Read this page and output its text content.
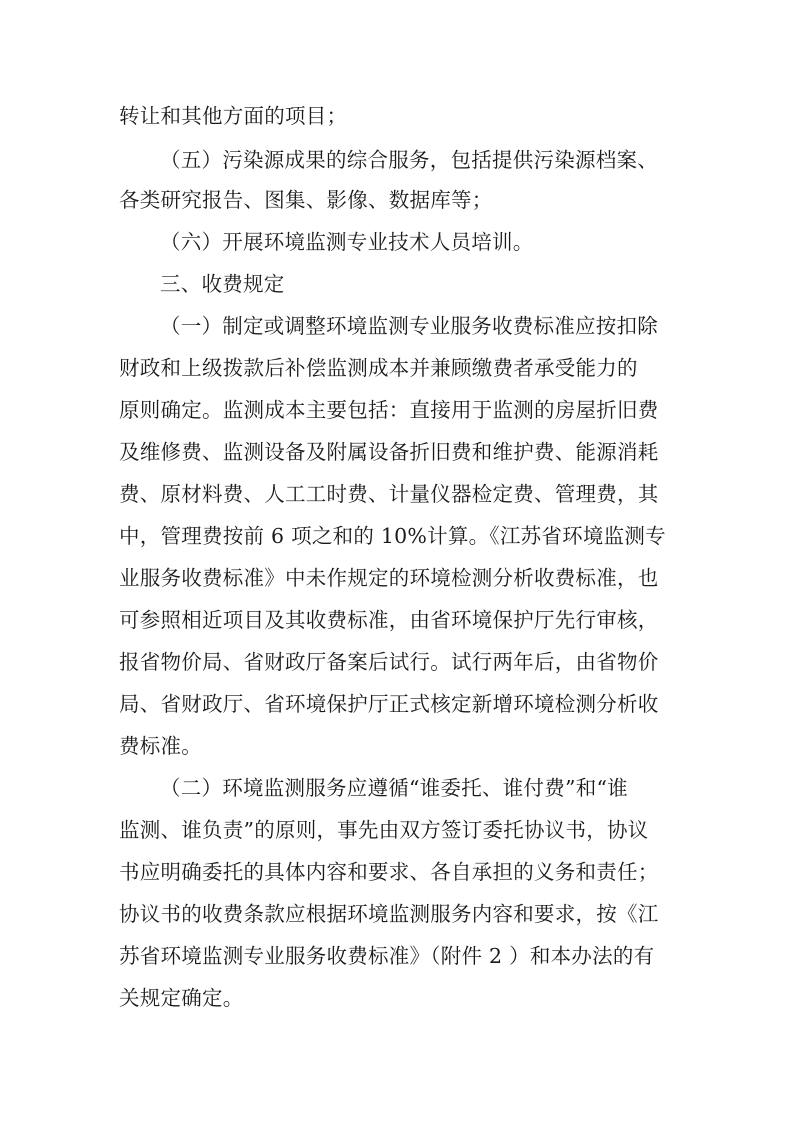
转让和其他方面的项目；
（五）污染源成果的综合服务，包括提供污染源档案、
各类研究报告、图集、影像、数据库等；
（六）开展环境监测专业技术人员培训。
三、收费规定
（一）制定或调整环境监测专业服务收费标准应按扣除
财政和上级拨款后补偿监测成本并兼顾缴费者承受能力的
原则确定。监测成本主要包括：直接用于监测的房屋折旧费
及维修费、监测设备及附属设备折旧费和维护费、能源消耗
费、原材料费、人工工时费、计量仪器检定费、管理费，其
中，管理费按前 6 项之和的 10%计算。《江苏省环境监测专
业服务收费标准》中未作规定的环境检测分析收费标准，也
可参照相近项目及其收费标准，由省环境保护厅先行审核，
报省物价局、省财政厅备案后试行。试行两年后，由省物价
局、省财政厅、省环境保护厅正式核定新增环境检测分析收
费标准。
（二）环境监测服务应遵循“谁委托、谁付费”和“谁
监测、谁负责”的原则，事先由双方签订委托协议书，协议
书应明确委托的具体内容和要求、各自承担的义务和责任；
协议书的收费条款应根据环境监测服务内容和要求，按《江
苏省环境监测专业服务收费标准》（附件 2 ）和本办法的有
关规定确定。
